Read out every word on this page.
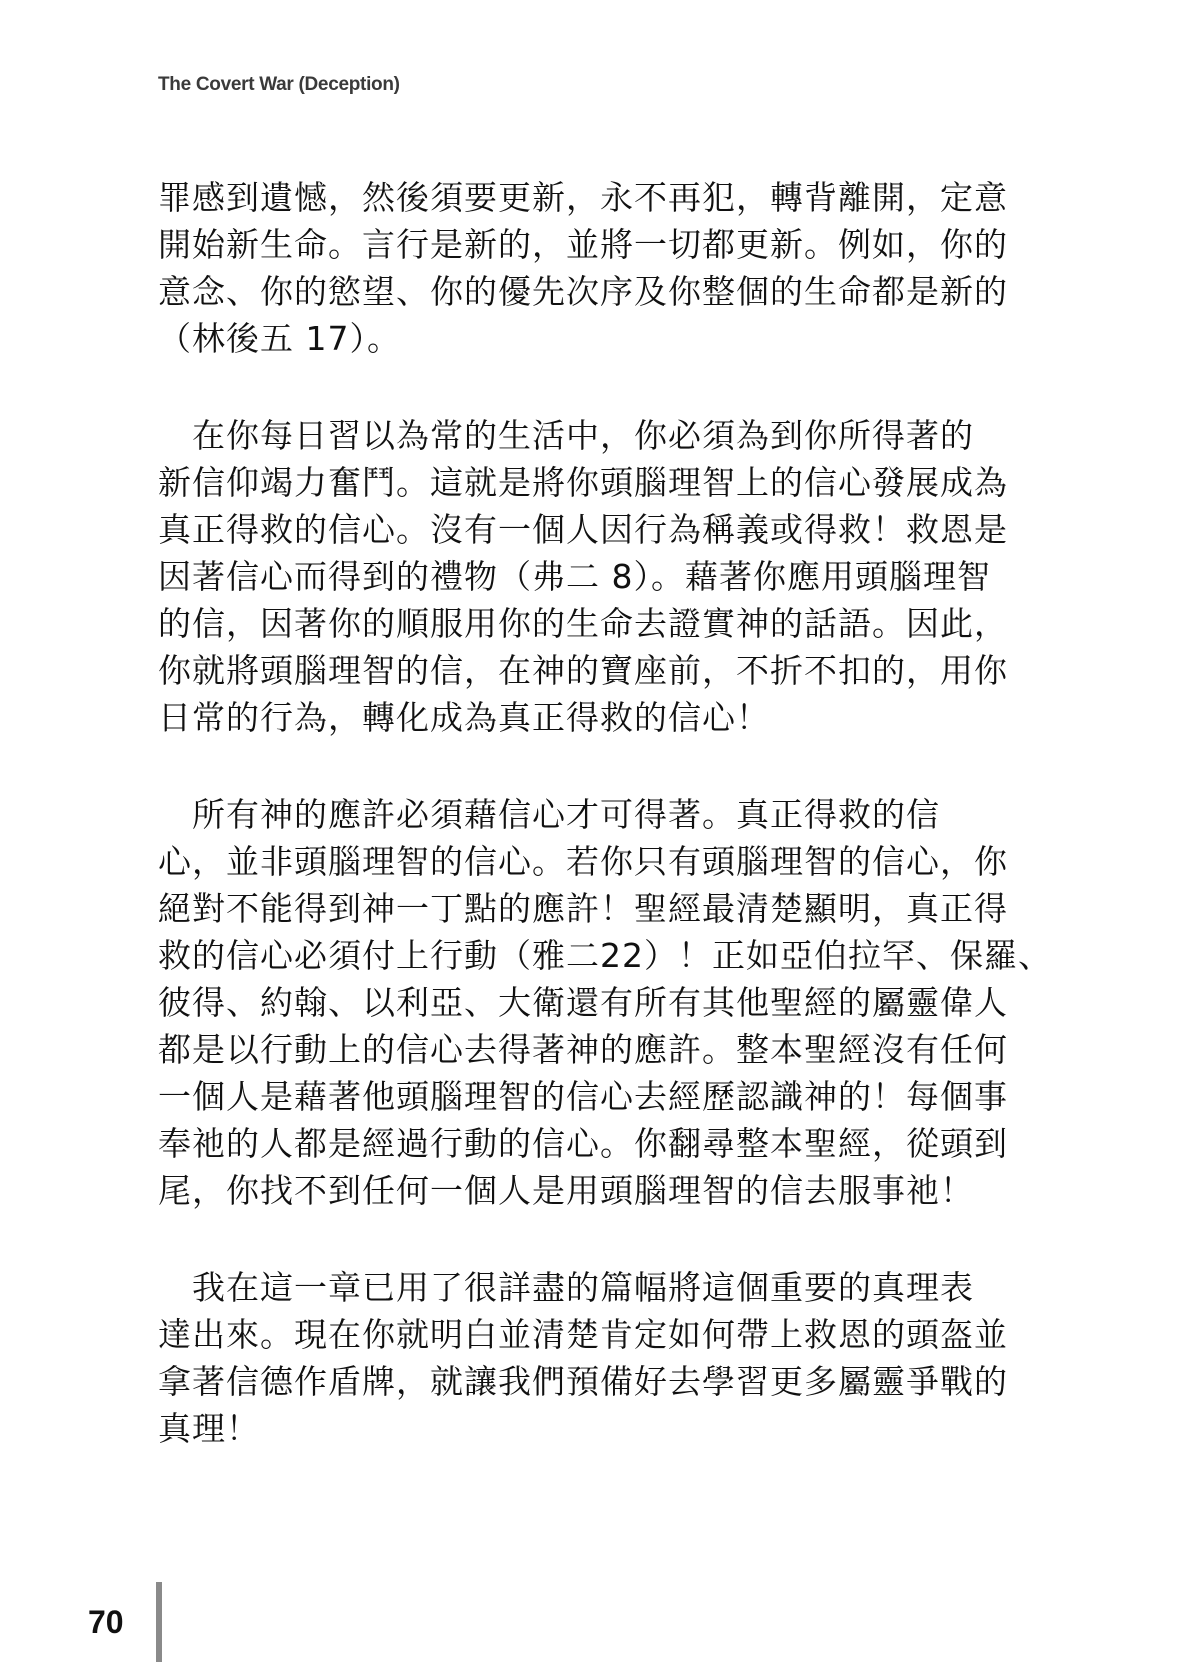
The Covert War (Deception)
罪感到遺憾，然後須要更新，永不再犯，轉背離開，定意
開始新生命。言行是新的，並將一切都更新。例如，你的
意念、你的慾望、你的優先次序及你整個的生命都是新的
（林後五 17）。
　在你每日習以為常的生活中，你必須為到你所得著的
新信仰竭力奮鬥。這就是將你頭腦理智上的信心發展成為
真正得救的信心。沒有一個人因行為稱義或得救！救恩是
因著信心而得到的禮物（弗二 8）。藉著你應用頭腦理智
的信，因著你的順服用你的生命去證實神的話語。因此，
你就將頭腦理智的信，在神的寶座前，不折不扣的，用你
日常的行為，轉化成為真正得救的信心！
　所有神的應許必須藉信心才可得著。真正得救的信
心，並非頭腦理智的信心。若你只有頭腦理智的信心，你
絕對不能得到神一丁點的應許！聖經最清楚顯明，真正得
救的信心必須付上行動（雅二22）！正如亞伯拉罕、保羅、
彼得、約翰、以利亞、大衛還有所有其他聖經的屬靈偉人
都是以行動上的信心去得著神的應許。整本聖經沒有任何
一個人是藉著他頭腦理智的信心去經歷認識神的！每個事
奉祂的人都是經過行動的信心。你翻尋整本聖經，從頭到
尾，你找不到任何一個人是用頭腦理智的信去服事祂！
　我在這一章已用了很詳盡的篇幅將這個重要的真理表
達出來。現在你就明白並清楚肯定如何帶上救恩的頭盔並
拿著信德作盾牌，就讓我們預備好去學習更多屬靈爭戰的
真理！
70
